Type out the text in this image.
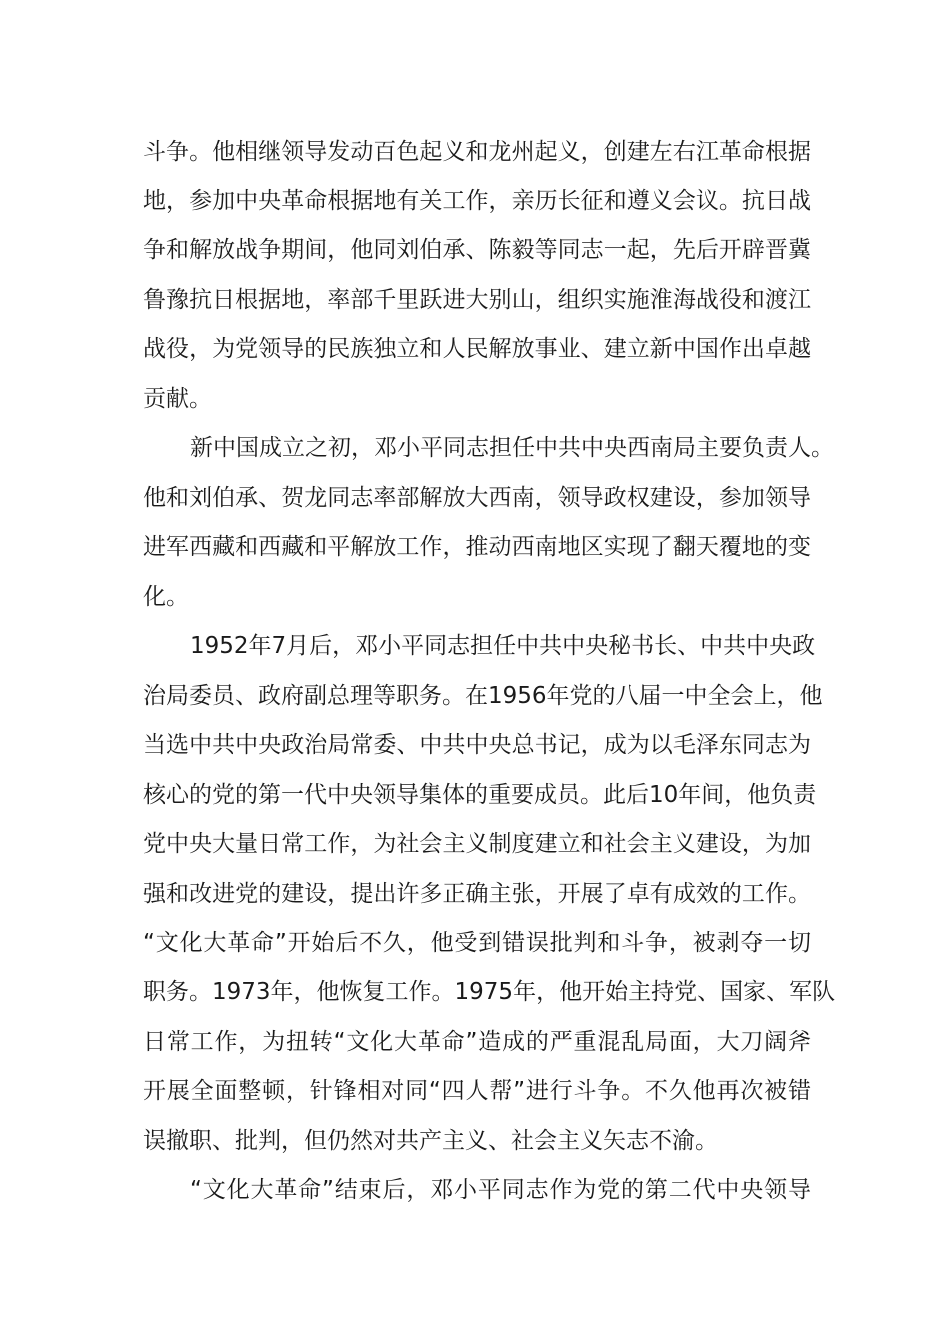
斗争。他相继领导发动百色起义和龙州起义，创建左右江革命根据
地，参加中央革命根据地有关工作，亲历长征和遵义会议。抗日战
争和解放战争期间，他同刘伯承、陈毅等同志一起，先后开辟晋冀
鲁豫抗日根据地，率部千里跃进大别山，组织实施淮海战役和渡江
战役，为党领导的民族独立和人民解放事业、建立新中国作出卓越
贡献。
新中国成立之初，邓小平同志担任中共中央西南局主要负责人。
他和刘伯承、贺龙同志率部解放大西南，领导政权建设，参加领导
进军西藏和西藏和平解放工作，推动西南地区实现了翻天覆地的变
化。
1952年7月后，邓小平同志担任中共中央秘书长、中共中央政
治局委员、政府副总理等职务。在1956年党的八届一中全会上，他
当选中共中央政治局常委、中共中央总书记，成为以毛泽东同志为
核心的党的第一代中央领导集体的重要成员。此后10年间，他负责
党中央大量日常工作，为社会主义制度建立和社会主义建设，为加
强和改进党的建设，提出许多正确主张，开展了卓有成效的工作。
“文化大革命”开始后不久，他受到错误批判和斗争，被剥夺一切
职务。1973年，他恢复工作。1975年，他开始主持党、国家、军队
日常工作，为扭转“文化大革命”造成的严重混乱局面，大刀阔斧
开展全面整顿，针锋相对同“四人帮”进行斗争。不久他再次被错
误撤职、批判，但仍然对共产主义、社会主义矢志不渝。
“文化大革命”结束后，邓小平同志作为党的第二代中央领导
